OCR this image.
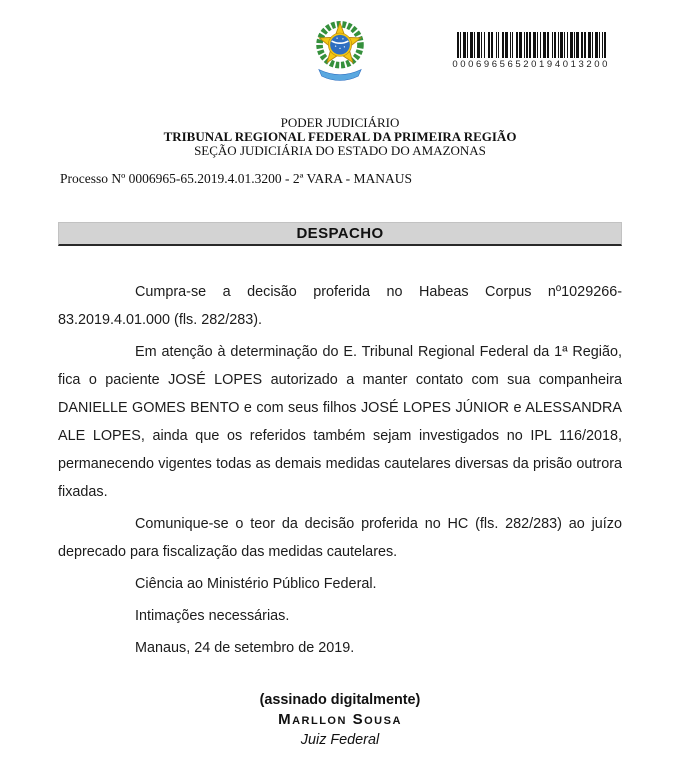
00069656520194013200
PODER JUDICIÁRIO
TRIBUNAL REGIONAL FEDERAL DA PRIMEIRA REGIÃO
SEÇÃO JUDICIÁRIA DO ESTADO DO AMAZONAS
Processo Nº 0006965-65.2019.4.01.3200 - 2ª VARA - MANAUS
DESPACHO

Cumpra-se a decisão proferida no Habeas Corpus nº1029266-83.2019.4.01.000 (fls. 282/283).

Em atenção à determinação do E. Tribunal Regional Federal da 1ª Região, fica o paciente JOSÉ LOPES autorizado a manter contato com sua companheira DANIELLE GOMES BENTO e com seus filhos JOSÉ LOPES JÚNIOR e ALESSANDRA ALE LOPES, ainda que os referidos também sejam investigados no IPL 116/2018, permanecendo vigentes todas as demais medidas cautelares diversas da prisão outrora fixadas.

Comunique-se o teor da decisão proferida no HC (fls. 282/283) ao juízo deprecado para fiscalização das medidas cautelares.

Ciência ao Ministério Público Federal.

Intimações necessárias.

Manaus, 24 de setembro de 2019.

(assinado digitalmente)
Marllon Sousa
Juiz Federal
